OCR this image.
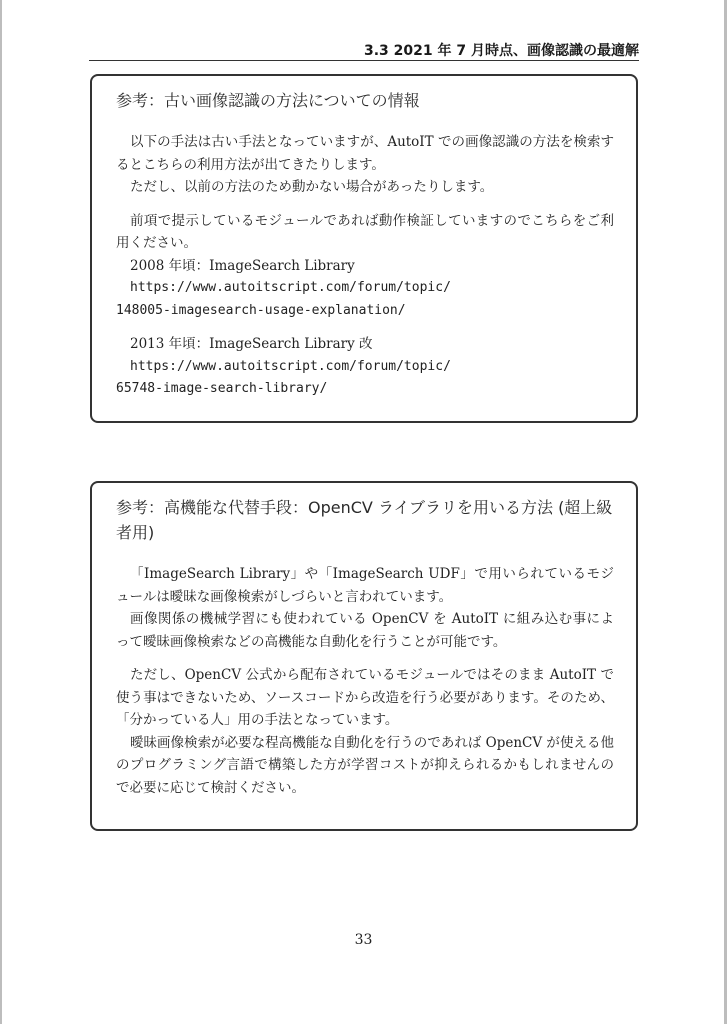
3.3 2021 年 7 月時点、画像認識の最適解

参考：古い画像認識の方法についての情報

以下の手法は古い手法となっていますが、AutoIT での画像認識の方法を検索するとこちらの利用方法が出てきたりします。

ただし、以前の方法のため動かない場合があったりします。

前項で提示しているモジュールであれば動作検証していますのでこちらをご利用ください。

2008 年頃：ImageSearch Library
https://www.autoitscript.com/forum/topic/
148005-imagesearch-usage-explanation/
2013 年頃：ImageSearch Library 改
https://www.autoitscript.com/forum/topic/
65748-image-search-library/

参考：高機能な代替手段：OpenCV ライブラリを用いる方法 (超上級者用)

「ImageSearch Library」や「ImageSearch UDF」で用いられているモジュールは曖昧な画像検索がしづらいと言われています。

画像関係の機械学習にも使われている OpenCV を AutoIT に組み込む事によって曖昧画像検索などの高機能な自動化を行うことが可能です。

ただし、OpenCV 公式から配布されているモジュールではそのまま AutoIT で使う事はできないため、ソースコードから改造を行う必要があります。そのため、「分かっている人」用の手法となっています。

曖昧画像検索が必要な程高機能な自動化を行うのであれば OpenCV が使える他のプログラミング言語で構築した方が学習コストが抑えられるかもしれませんので必要に応じて検討ください。

33
